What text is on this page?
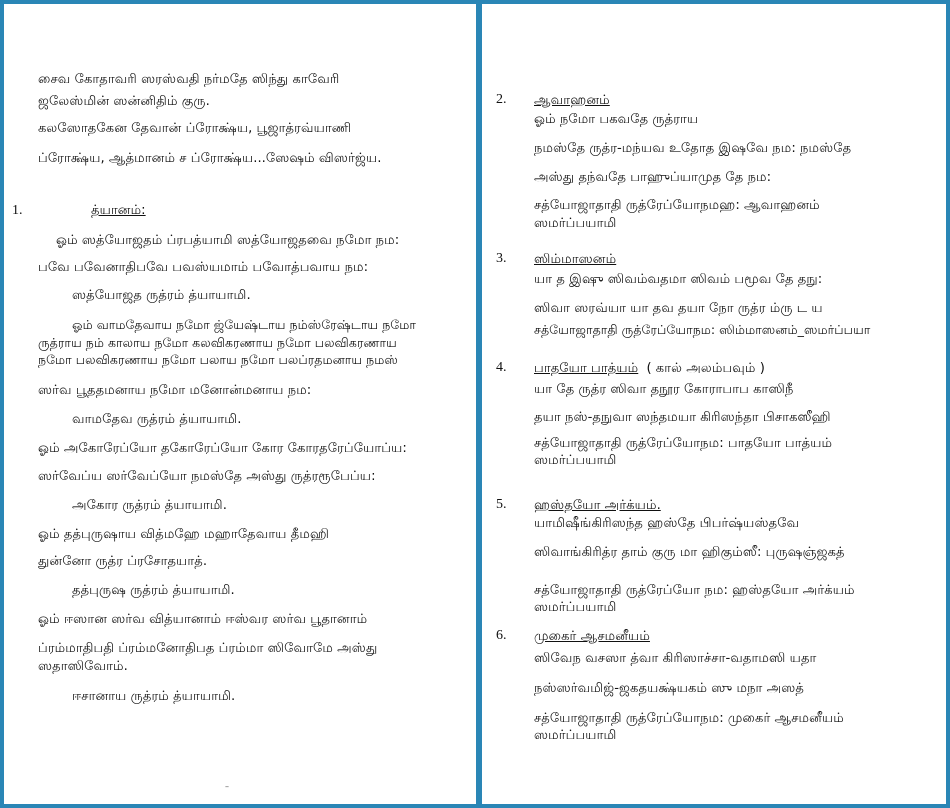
சைவ கோதாவரி ஸரஸ்வதி நர்மதே ஸிந்து காவேரி
ஜலேஸ்மின் ஸன்னிதிம் குரு.
கலஸோதகேன தேவான் ப்ரோக்ஷ்ய, பூஜாத்ரவ்யாணி
ப்ரோக்ஷ்ய, ஆத்மானம் ச ப்ரோக்ஷ்ய...ஸேஷம் விஸர்ஜ்ய.
1.	த்யானம்:
ஓம் ஸத்யோஜதம் ப்ரபத்யாமி ஸத்யோஜதவை நமோ நம:
பவே பவேனாதிபவே பவஸ்யமாம் பவோத்பவாய நம:
ஸத்யோஜத ருத்ரம் த்யாயாமி.
ஓம் வாமதேவாய நமோ ஜ்யேஷ்டாய நம்ஸ்ரேஷ்டாய நமோ
ருத்ராய நம் காலாய நமோ கலவிகரணாய நமோ பலவிகரணாய
நமோ பலவிகரணாய நமோ பலாய நமோ பலப்ரதமனாய நமஸ்
ஸர்வ பூததமனாய நமோ மனோன்மனாய நம:
வாமதேவ ருத்ரம் த்யாயாமி.
ஓம் அகோரேப்யோ தகோரேப்யோ கோர கோரதரேப்யோப்ய:
ஸர்வேப்ய ஸர்வேப்யோ நமஸ்தே அஸ்து ருத்ரரூபேப்ய:
அகோர ருத்ரம் த்யாயாமி.
ஓம் தத்புருஷாய வித்மஹே மஹாதேவாய தீமஹி
துன்னோ ருத்ர ப்ரசோதயாத்.
தத்புருஷ ருத்ரம் த்யாயாமி.
ஓம் ஈஸான ஸர்வ வித்யானாம் ஈஸ்வர ஸர்வ பூதானாம்
ப்ரம்மாதிபதி ப்ரம்மனோதிபத ப்ரம்மா ஸிவோமே அஸ்து
ஸதாஸிவோம்.
ஈசானாய ருத்ரம் த்யாயாமி.
–
2. ஆவாஹனம்
ஓம் நமோ பகவதே ருத்ராய
நமஸ்தே ருத்ர-மந்யவ உதோத இஷவே நம: நமஸ்தே
அஸ்து தந்வதே பாஹுப்யாமுத தே நம:
சத்யோஜாதாதி ருத்ரேப்யோநமஹ: ஆவாஹனம்
ஸமர்ப்பயாமி
3. ஸிம்மாஸனம்
யா த இஷு ஸிவம்வதமா ஸிவம் பமூவ தே தநு:
ஸிவா ஸரவ்யா யா தவ தயா நோ ருத்ர ம்ரு ட ய
சத்யோஜாதாதி ருத்ரேப்யோநம: ஸிம்மாஸனம்_ஸமர்ப்பயா
4. பாதயோ பாத்யம் ( கால் அலம்பவும் )
யா தே ருத்ர ஸிவா தநூர கோராபாப காஸிநீ
தயா நஸ்-தநுவா ஸந்தமயா கிரிஸந்தா பிசாகஸீஹி
சத்யோஜாதாதி ருத்ரேப்யோநம: பாதயோ பாத்யம்
ஸமர்ப்பயாமி
5. ஹஸ்தயோ அர்க்யம்.
யாமிஷீங்கிரிஸந்த ஹஸ்தே பிபர்ஷ்யஸ்தவே
ஸிவாங்கிரித்ர தாம் குரு மா ஹிகும்ஸீ: புருஷஞ்ஜகத்
சத்யோஜாதாதி ருத்ரேப்யோ நம: ஹஸ்தயோ அர்க்யம்
ஸமர்ப்பயாமி
6. முகைர் ஆசமனீயம்
ஸிவேந வசஸா த்வா கிரிஸாச்சா-வதாமஸி யதா
நஸ்ஸர்வமிஜ்-ஜகதயக்ஷ்யகம் ஸு மநா அஸத்
சத்யோஜாதாதி ருத்ரேப்யோநம: முகைர் ஆசமனீயம்
ஸமர்ப்பயாமி
